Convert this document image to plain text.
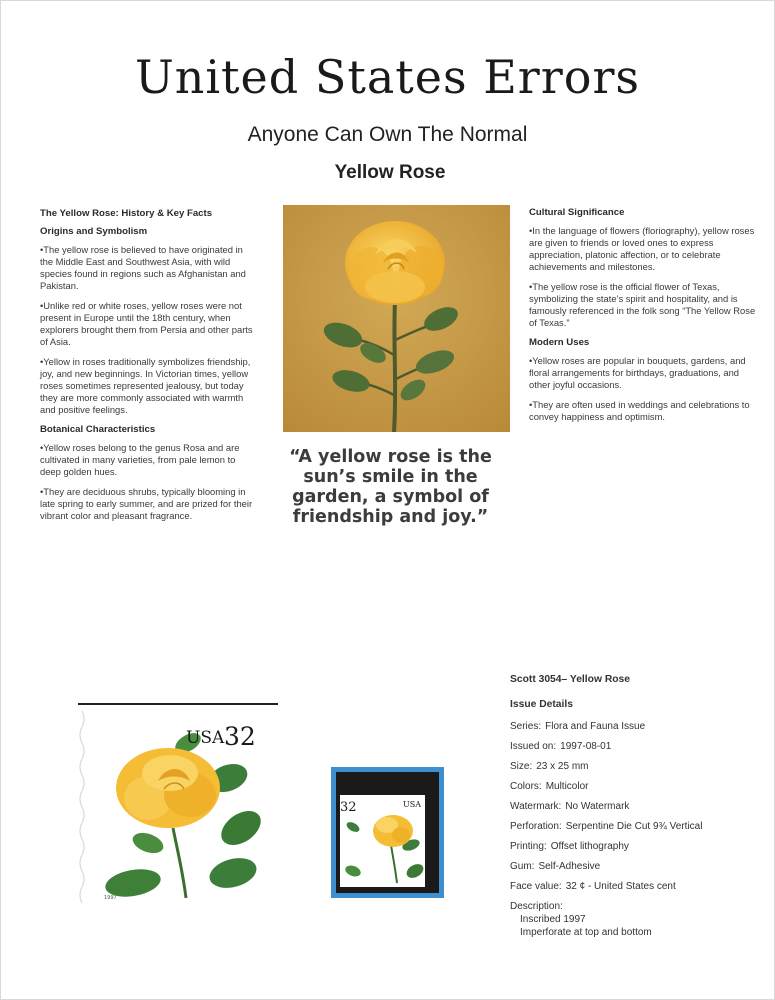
United States Errors
Anyone Can Own The Normal
Yellow Rose
The Yellow Rose: History & Key Facts
Origins and Symbolism

•The yellow rose is believed to have originated in the Middle East and Southwest Asia, with wild species found in regions such as Afghanistan and Pakistan.

•Unlike red or white roses, yellow roses were not present in Europe until the 18th century, when explorers brought them from Persia and other parts of Asia.

•Yellow in roses traditionally symbolizes friendship, joy, and new beginnings. In Victorian times, yellow roses sometimes represented jealousy, but today they are more commonly associated with warmth and positive feelings.

Botanical Characteristics

•Yellow roses belong to the genus Rosa and are cultivated in many varieties, from pale lemon to deep golden hues.

•They are deciduous shrubs, typically blooming in late spring to early summer, and are prized for their vibrant color and pleasant fragrance.

“A yellow rose is the sun’s smile in the garden, a symbol of friendship and joy.”
Cultural Significance

•In the language of flowers (floriography), yellow roses are given to friends or loved ones to express appreciation, platonic affection, or to celebrate achievements and milestones.

•The yellow rose is the official flower of Texas, symbolizing the state’s spirit and hospitality, and is famously referenced in the folk song “The Yellow Rose of Texas.”

Modern Uses

•Yellow roses are popular in bouquets, gardens, and floral arrangements for birthdays, graduations, and other joyful occasions.

•They are often used in weddings and celebrations to convey happiness and optimism.

USA 32
1997
32	USA
Scott 3054– Yellow Rose
Issue Details
Series: Flora and Fauna Issue
Issued on: 1997-08-01
Size: 23 x 25 mm
Colors: Multicolor
Watermark: No Watermark
Perforation: Serpentine Die Cut 9¾ Vertical
Printing: Offset lithography
Gum: Self-Adhesive
Face value: 32 ¢ - United States cent
Description:
Inscribed 1997
Imperforate at top and bottom
